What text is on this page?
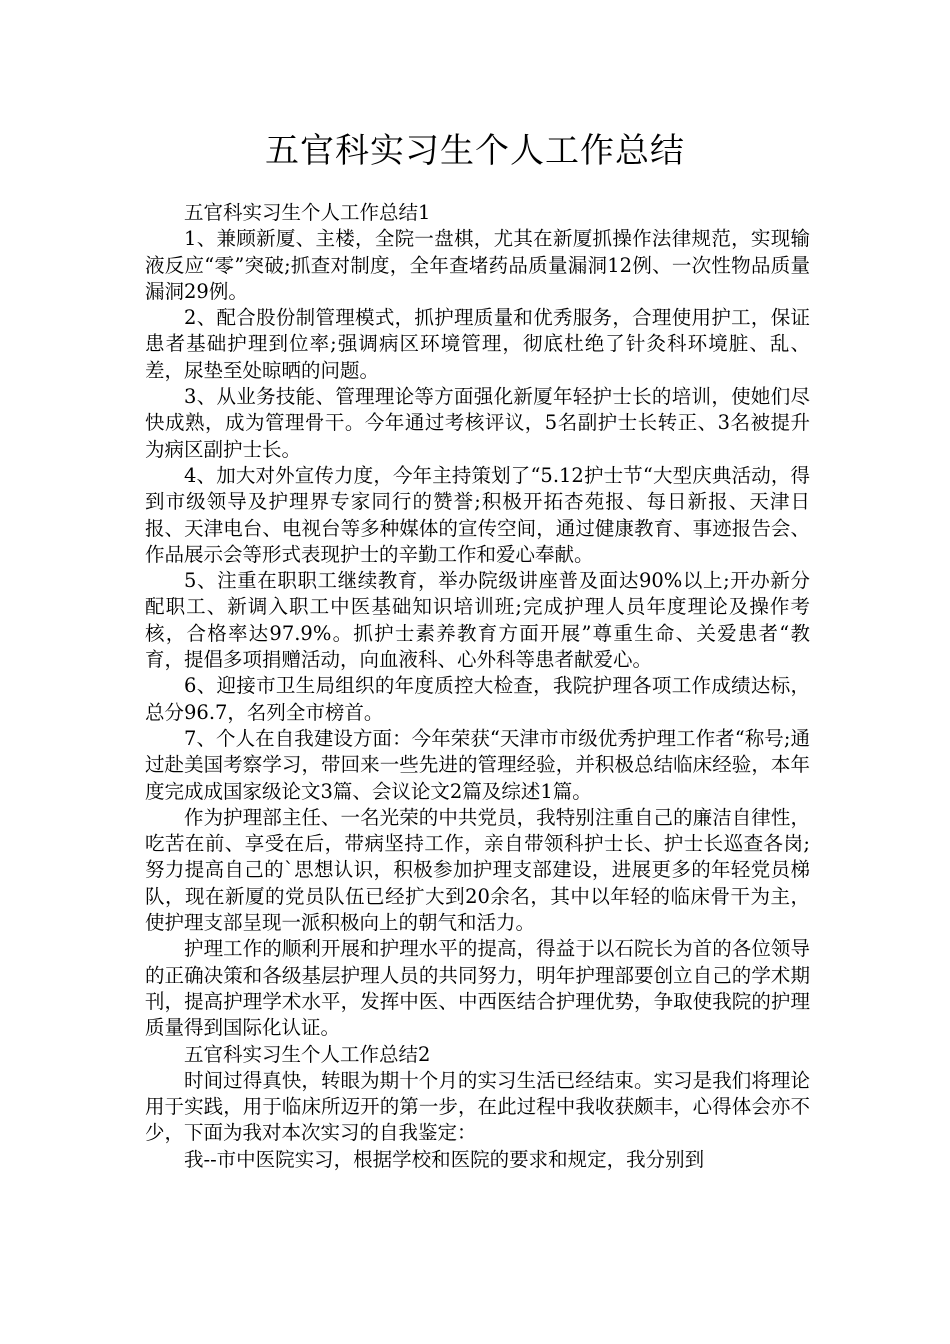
五官科实习生个人工作总结

五官科实习生个人工作总结1

1、兼顾新厦、主楼，全院一盘棋，尤其在新厦抓操作法律规范，实现输液反应“零”突破;抓查对制度，全年查堵药品质量漏洞12例、一次性物品质量漏洞29例。

2、配合股份制管理模式，抓护理质量和优秀服务，合理使用护工，保证患者基础护理到位率;强调病区环境管理，彻底杜绝了针灸科环境脏、乱、差，尿垫至处晾晒的问题。

3、从业务技能、管理理论等方面强化新厦年轻护士长的培训，使她们尽快成熟，成为管理骨干。今年通过考核评议，5名副护士长转正、3名被提升为病区副护士长。

4、加大对外宣传力度，今年主持策划了“5.12护士节“大型庆典活动，得到市级领导及护理界专家同行的赞誉;积极开拓杏苑报、每日新报、天津日报、天津电台、电视台等多种媒体的宣传空间，通过健康教育、事迹报告会、作品展示会等形式表现护士的辛勤工作和爱心奉献。

5、注重在职职工继续教育，举办院级讲座普及面达90%以上;开办新分配职工、新调入职工中医基础知识培训班;完成护理人员年度理论及操作考核，合格率达97.9%。抓护士素养教育方面开展”尊重生命、关爱患者“教育，提倡多项捐赠活动，向血液科、心外科等患者献爱心。

6、迎接市卫生局组织的年度质控大检查，我院护理各项工作成绩达标，总分96.7，名列全市榜首。

7、个人在自我建设方面：今年荣获“天津市市级优秀护理工作者“称号;通过赴美国考察学习，带回来一些先进的管理经验，并积极总结临床经验，本年度完成成国家级论文3篇、会议论文2篇及综述1篇。

作为护理部主任、一名光荣的中共党员，我特别注重自己的廉洁自律性，吃苦在前、享受在后，带病坚持工作，亲自带领科护士长、护士长巡查各岗;努力提高自己的`思想认识，积极参加护理支部建设，进展更多的年轻党员梯队，现在新厦的党员队伍已经扩大到20余名，其中以年轻的临床骨干为主，使护理支部呈现一派积极向上的朝气和活力。

护理工作的顺利开展和护理水平的提高，得益于以石院长为首的各位领导的正确决策和各级基层护理人员的共同努力，明年护理部要创立自己的学术期刊，提高护理学术水平，发挥中医、中西医结合护理优势，争取使我院的护理质量得到国际化认证。

五官科实习生个人工作总结2

时间过得真快，转眼为期十个月的实习生活已经结束。实习是我们将理论用于实践，用于临床所迈开的第一步，在此过程中我收获颇丰，心得体会亦不少，下面为我对本次实习的自我鉴定：

我--市中医院实习，根据学校和医院的要求和规定，我分别到
